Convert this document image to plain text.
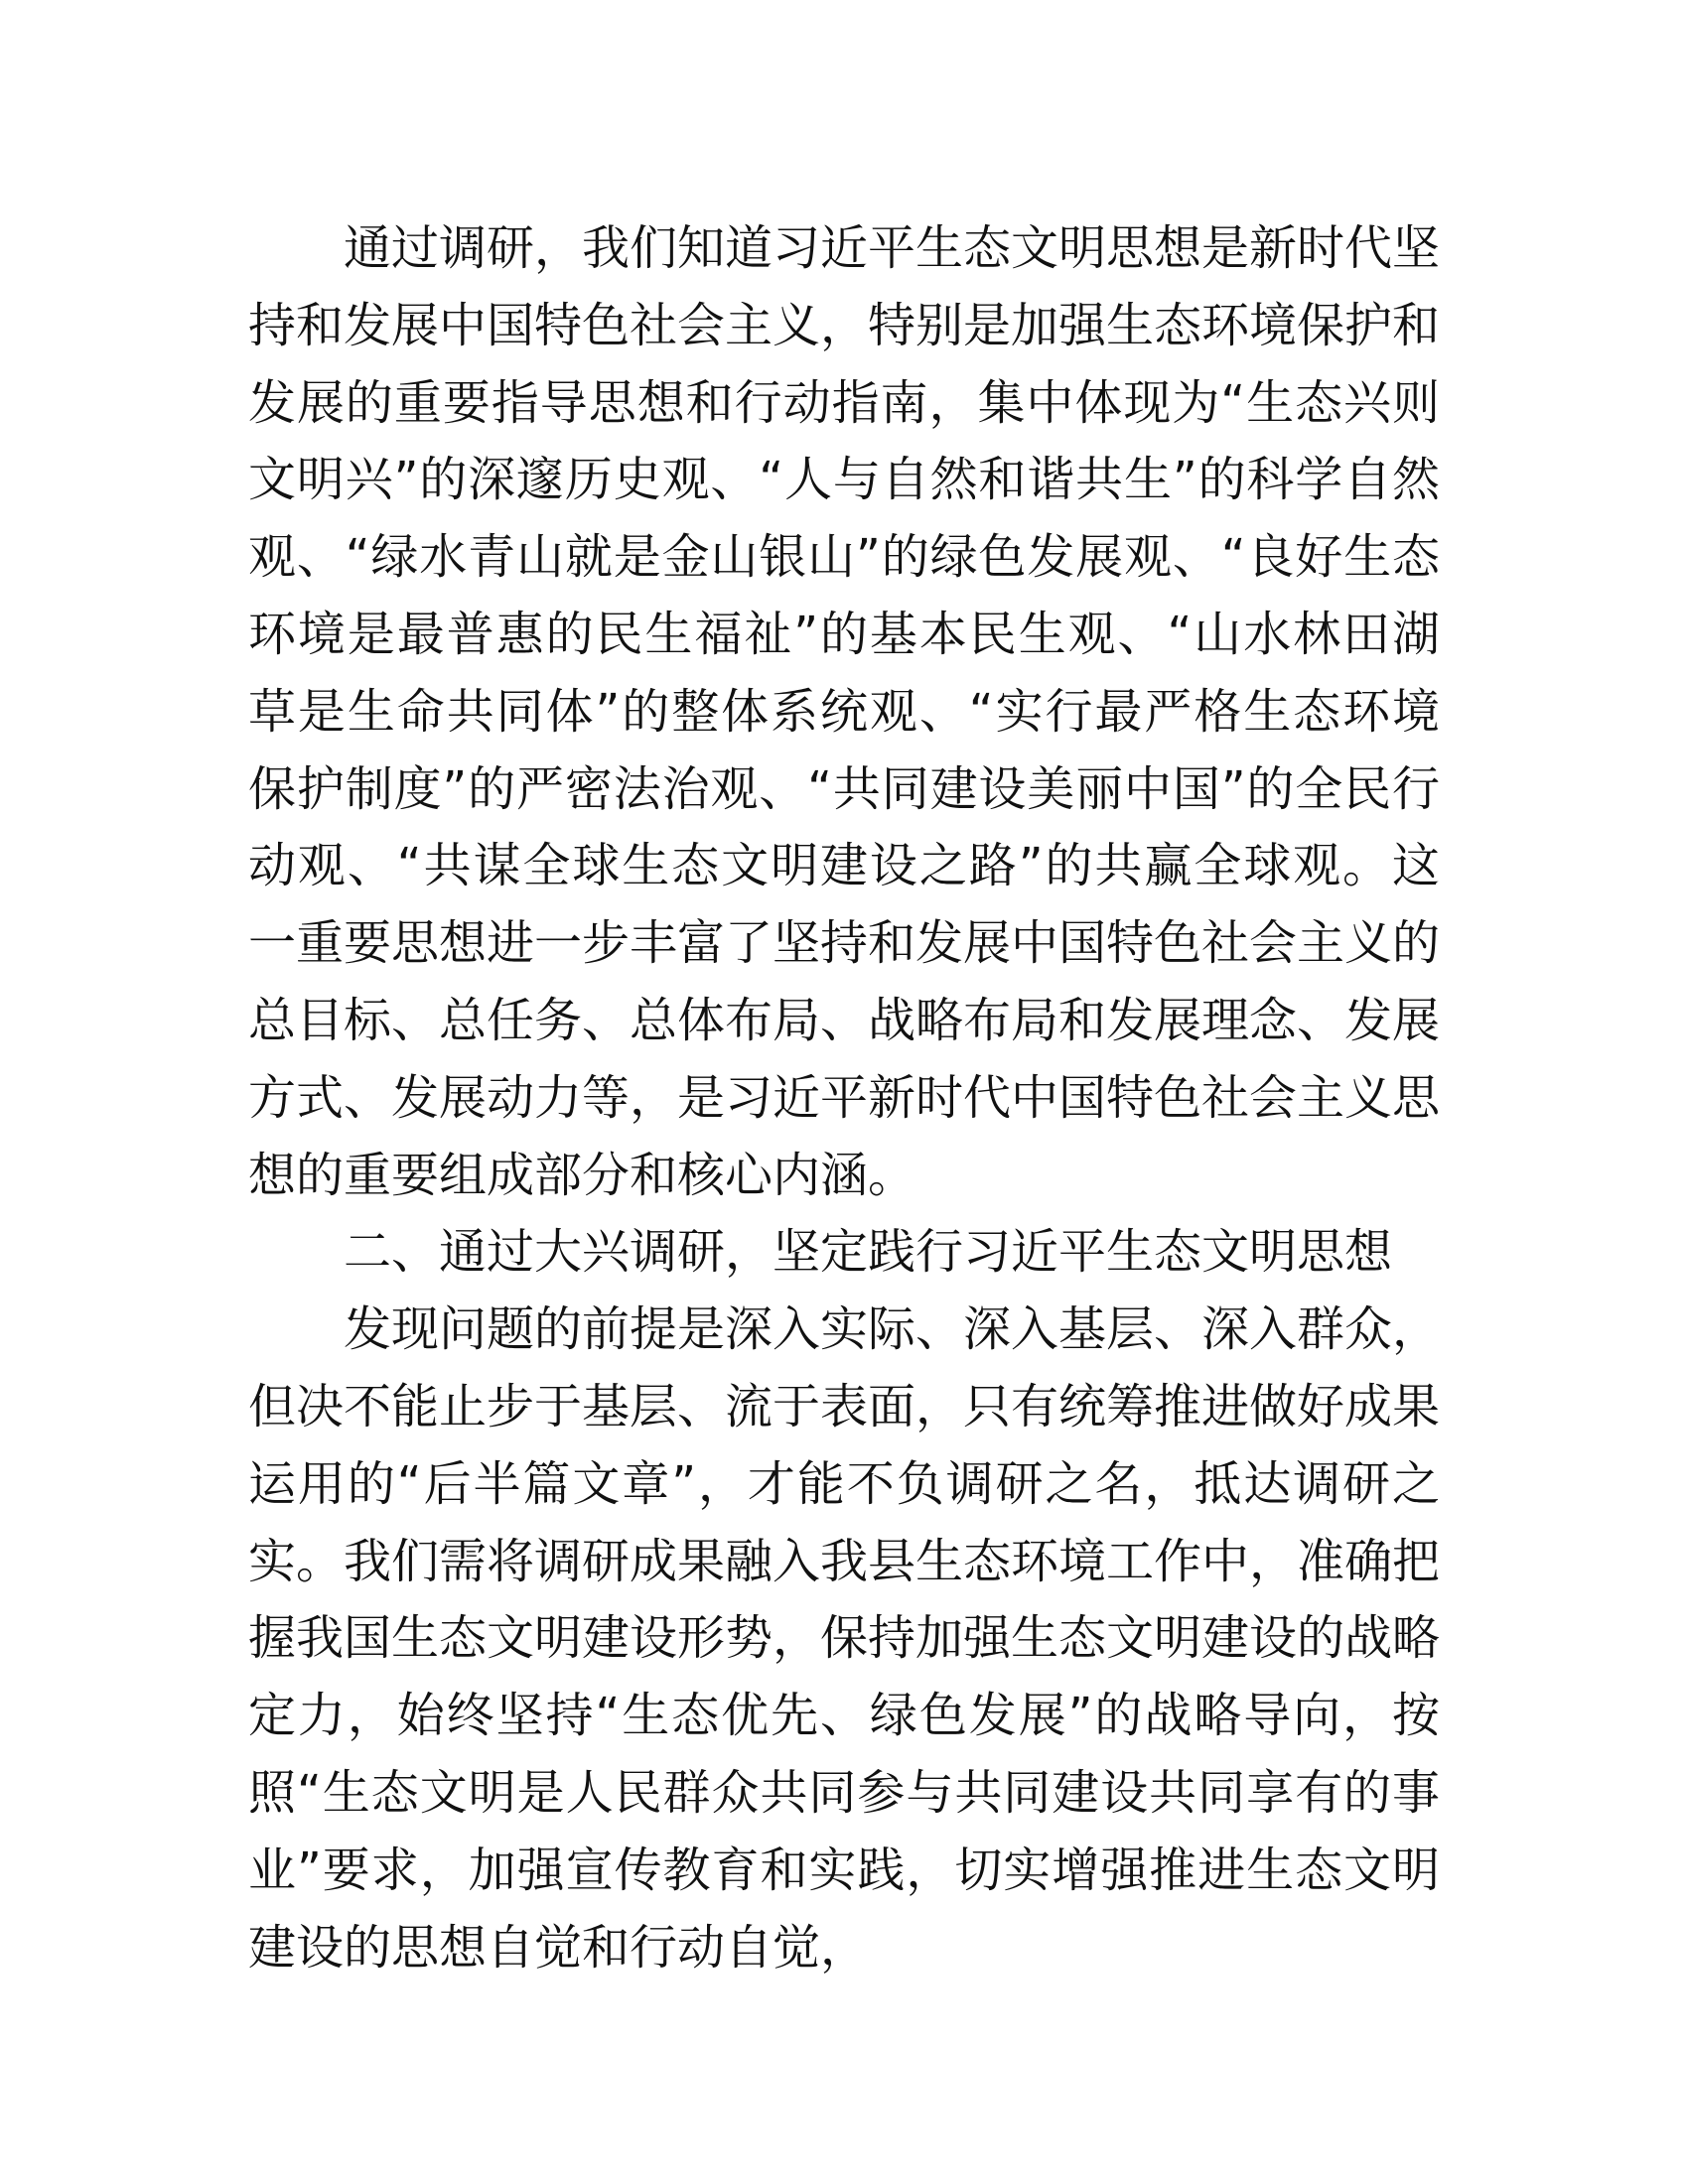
通过调研，我们知道习近平生态文明思想是新时代坚持和发展中国特色社会主义，特别是加强生态环境保护和发展的重要指导思想和行动指南，集中体现为“生态兴则文明兴”的深邃历史观、“人与自然和谐共生”的科学自然观、“绿水青山就是金山银山”的绿色发展观、“良好生态环境是最普惠的民生福祉”的基本民生观、“山水林田湖草是生命共同体”的整体系统观、“实行最严格生态环境保护制度”的严密法治观、“共同建设美丽中国”的全民行动观、“共谋全球生态文明建设之路”的共赢全球观。这一重要思想进一步丰富了坚持和发展中国特色社会主义的总目标、总任务、总体布局、战略布局和发展理念、发展方式、发展动力等，是习近平新时代中国特色社会主义思想的重要组成部分和核心内涵。

二、通过大兴调研，坚定践行习近平生态文明思想

发现问题的前提是深入实际、深入基层、深入群众，但决不能止步于基层、流于表面，只有统筹推进做好成果运用的“后半篇文章”，才能不负调研之名，抵达调研之实。我们需将调研成果融入我县生态环境工作中，准确把握我国生态文明建设形势，保持加强生态文明建设的战略定力，始终坚持“生态优先、绿色发展”的战略导向，按照“生态文明是人民群众共同参与共同建设共同享有的事业”要求，加强宣传教育和实践，切实增强推进生态文明建设的思想自觉和行动自觉，
